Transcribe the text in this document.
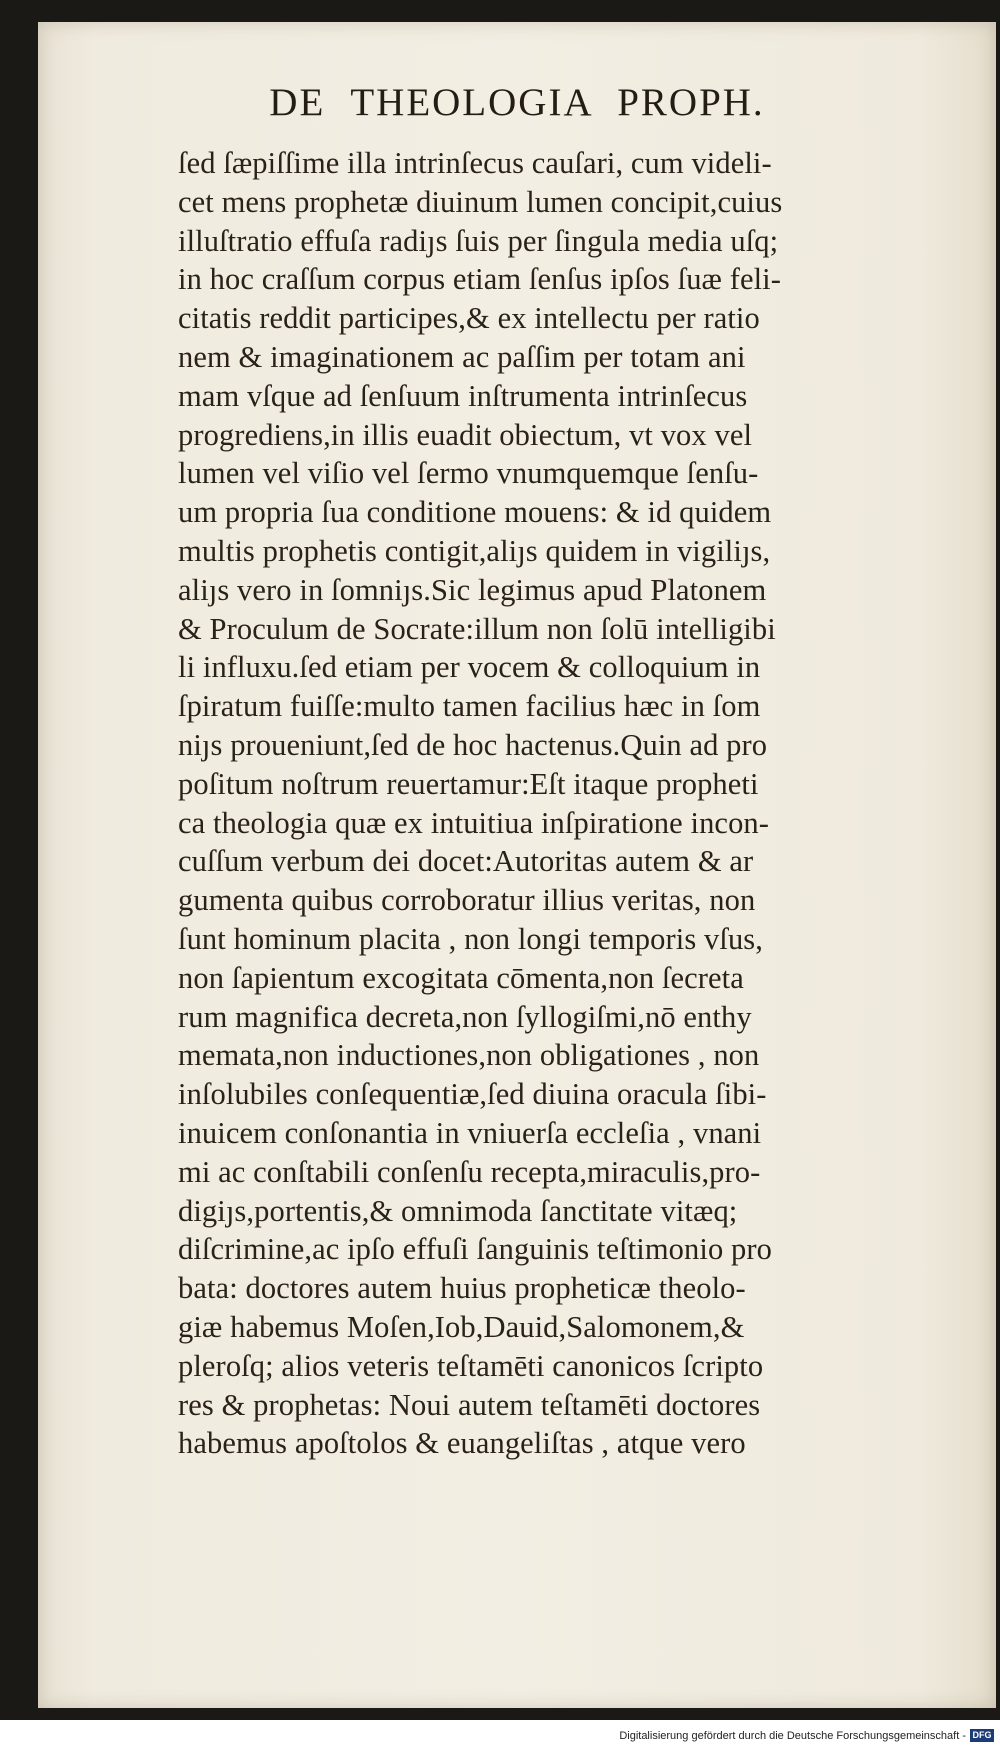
DE THEOLOGIA PROPH.
ſed ſæpiſſime illa intrinſecus cauſari, cum videli-
cet mens prophetæ diuinum lumen concipit,cuius
illuſtratio effuſa radiȷs ſuis per ſingula media uſq;
in hoc craſſum corpus etiam ſenſus ipſos ſuæ feli-
citatis reddit participes,& ex intellectu per ratio
nem & imaginationem ac paſſim per totam ani
mam vſque ad ſenſuum inſtrumenta intrinſecus
progrediens,in illis euadit obiectum, vt vox vel
lumen vel viſio vel ſermo vnumquemque ſenſu-
um propria ſua conditione mouens: & id quidem
multis prophetis contigit,aliȷs quidem in vigiliȷs,
aliȷs vero in ſomniȷs.Sic legimus apud Platonem
& Proculum de Socrate:illum non ſolū intelligibi
li influxu.ſed etiam per vocem & colloquium in
ſpiratum fuiſſe:multo tamen facilius hæc in ſom
niȷs proueniunt,ſed de hoc hactenus.Quin ad pro
poſitum noſtrum reuertamur:Eſt itaque propheti
ca theologia quæ ex intuitiua inſpiratione incon-
cuſſum verbum dei docet:Autoritas autem & ar
gumenta quibus corroboratur illius veritas, non
ſunt hominum placita , non longi temporis vſus,
non ſapientum excogitata cōmenta,non ſecreta
rum magnifica decreta,non ſyllogiſmi,nō enthy
memata,non inductiones,non obligationes , non
inſolubiles conſequentiæ,ſed diuina oracula ſibi-
inuicem conſonantia in vniuerſa eccleſia , vnani
mi ac conſtabili conſenſu recepta,miraculis,pro-
digiȷs,portentis,& omnimoda ſanctitate vitæq;
diſcrimine,ac ipſo effuſi ſanguinis teſtimonio pro
bata: doctores autem huius propheticæ theolo-
giæ habemus Moſen,Iob,Dauid,Salomonem,&
pleroſq; alios veteris teſtamēti canonicos ſcripto
res & prophetas: Noui autem teſtamēti doctores
habemus apoſtolos & euangeliſtas , atque vero
Digitalisierung gefördert durch die Deutsche Forschungsgemeinschaft - DFG
